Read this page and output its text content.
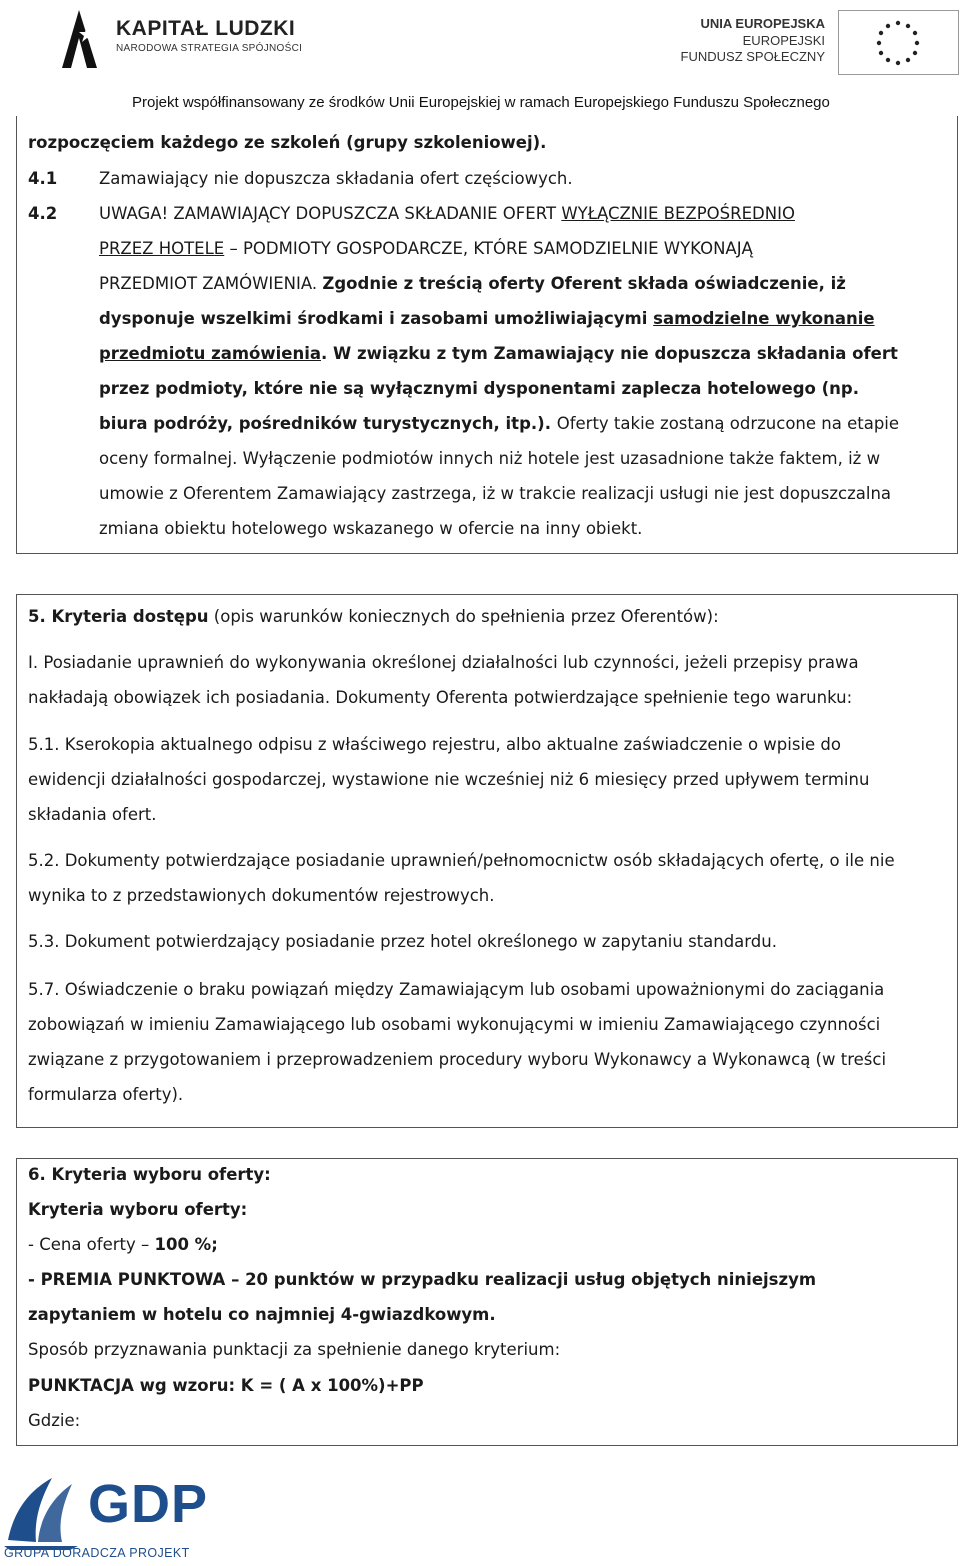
KAPITAŁ LUDZKI
NARODOWA STRATEGIA SPÓJNOŚCI
UNIA EUROPEJSKA
EUROPEJSKI
FUNDUSZ SPOŁECZNY
Projekt współfinansowany ze środków Unii Europejskiej w ramach Europejskiego Funduszu Społecznego
rozpoczęciem każdego ze szkoleń (grupy szkoleniowej).
4.1	Zamawiający nie dopuszcza składania ofert częściowych.
4.2	UWAGA! ZAMAWIAJĄCY DOPUSZCZA SKŁADANIE OFERT WYŁĄCZNIE BEZPOŚREDNIO
PRZEZ HOTELE – PODMIOTY GOSPODARCZE, KTÓRE SAMODZIELNIE WYKONAJĄ
PRZEDMIOT ZAMÓWIENIA. Zgodnie z treścią oferty Oferent składa oświadczenie, iż
dysponuje wszelkimi środkami i zasobami umożliwiającymi samodzielne wykonanie
przedmiotu zamówienia. W związku z tym Zamawiający nie dopuszcza składania ofert
przez podmioty, które nie są wyłącznymi dysponentami zaplecza hotelowego (np.
biura podróży, pośredników turystycznych, itp.). Oferty takie zostaną odrzucone na etapie
oceny formalnej. Wyłączenie podmiotów innych niż hotele jest uzasadnione także faktem, iż w
umowie z Oferentem Zamawiający zastrzega, iż w trakcie realizacji usługi nie jest dopuszczalna
zmiana obiektu hotelowego wskazanego w ofercie na inny obiekt.
5. Kryteria dostępu (opis warunków koniecznych do spełnienia przez Oferentów):
I. Posiadanie uprawnień do wykonywania określonej działalności lub czynności, jeżeli przepisy prawa
nakładają obowiązek ich posiadania. Dokumenty Oferenta potwierdzające spełnienie tego warunku:
5.1. Kserokopia aktualnego odpisu z właściwego rejestru, albo aktualne zaświadczenie o wpisie do
ewidencji działalności gospodarczej, wystawione nie wcześniej niż 6 miesięcy przed upływem terminu
składania ofert.
5.2. Dokumenty potwierdzające posiadanie uprawnień/pełnomocnictw osób składających ofertę, o ile nie
wynika to z przedstawionych dokumentów rejestrowych.
5.3. Dokument potwierdzający posiadanie przez hotel określonego w zapytaniu standardu.
5.7. Oświadczenie o braku powiązań między Zamawiającym lub osobami upoważnionymi do zaciągania
zobowiązań w imieniu Zamawiającego lub osobami wykonującymi w imieniu Zamawiającego czynności
związane z przygotowaniem i przeprowadzeniem procedury wyboru Wykonawcy a Wykonawcą (w treści
formularza oferty).
6. Kryteria wyboru oferty:
Kryteria wyboru oferty:
- Cena oferty – 100 %;
- PREMIA PUNKTOWA – 20 punktów w przypadku realizacji usług objętych niniejszym
zapytaniem w hotelu co najmniej 4-gwiazdkowym.
Sposób przyznawania punktacji za spełnienie danego kryterium:
PUNKTACJA wg wzoru: K = ( A x 100%)+PP
Gdzie:
GDP
GRUPA DORADCZA PROJEKT
